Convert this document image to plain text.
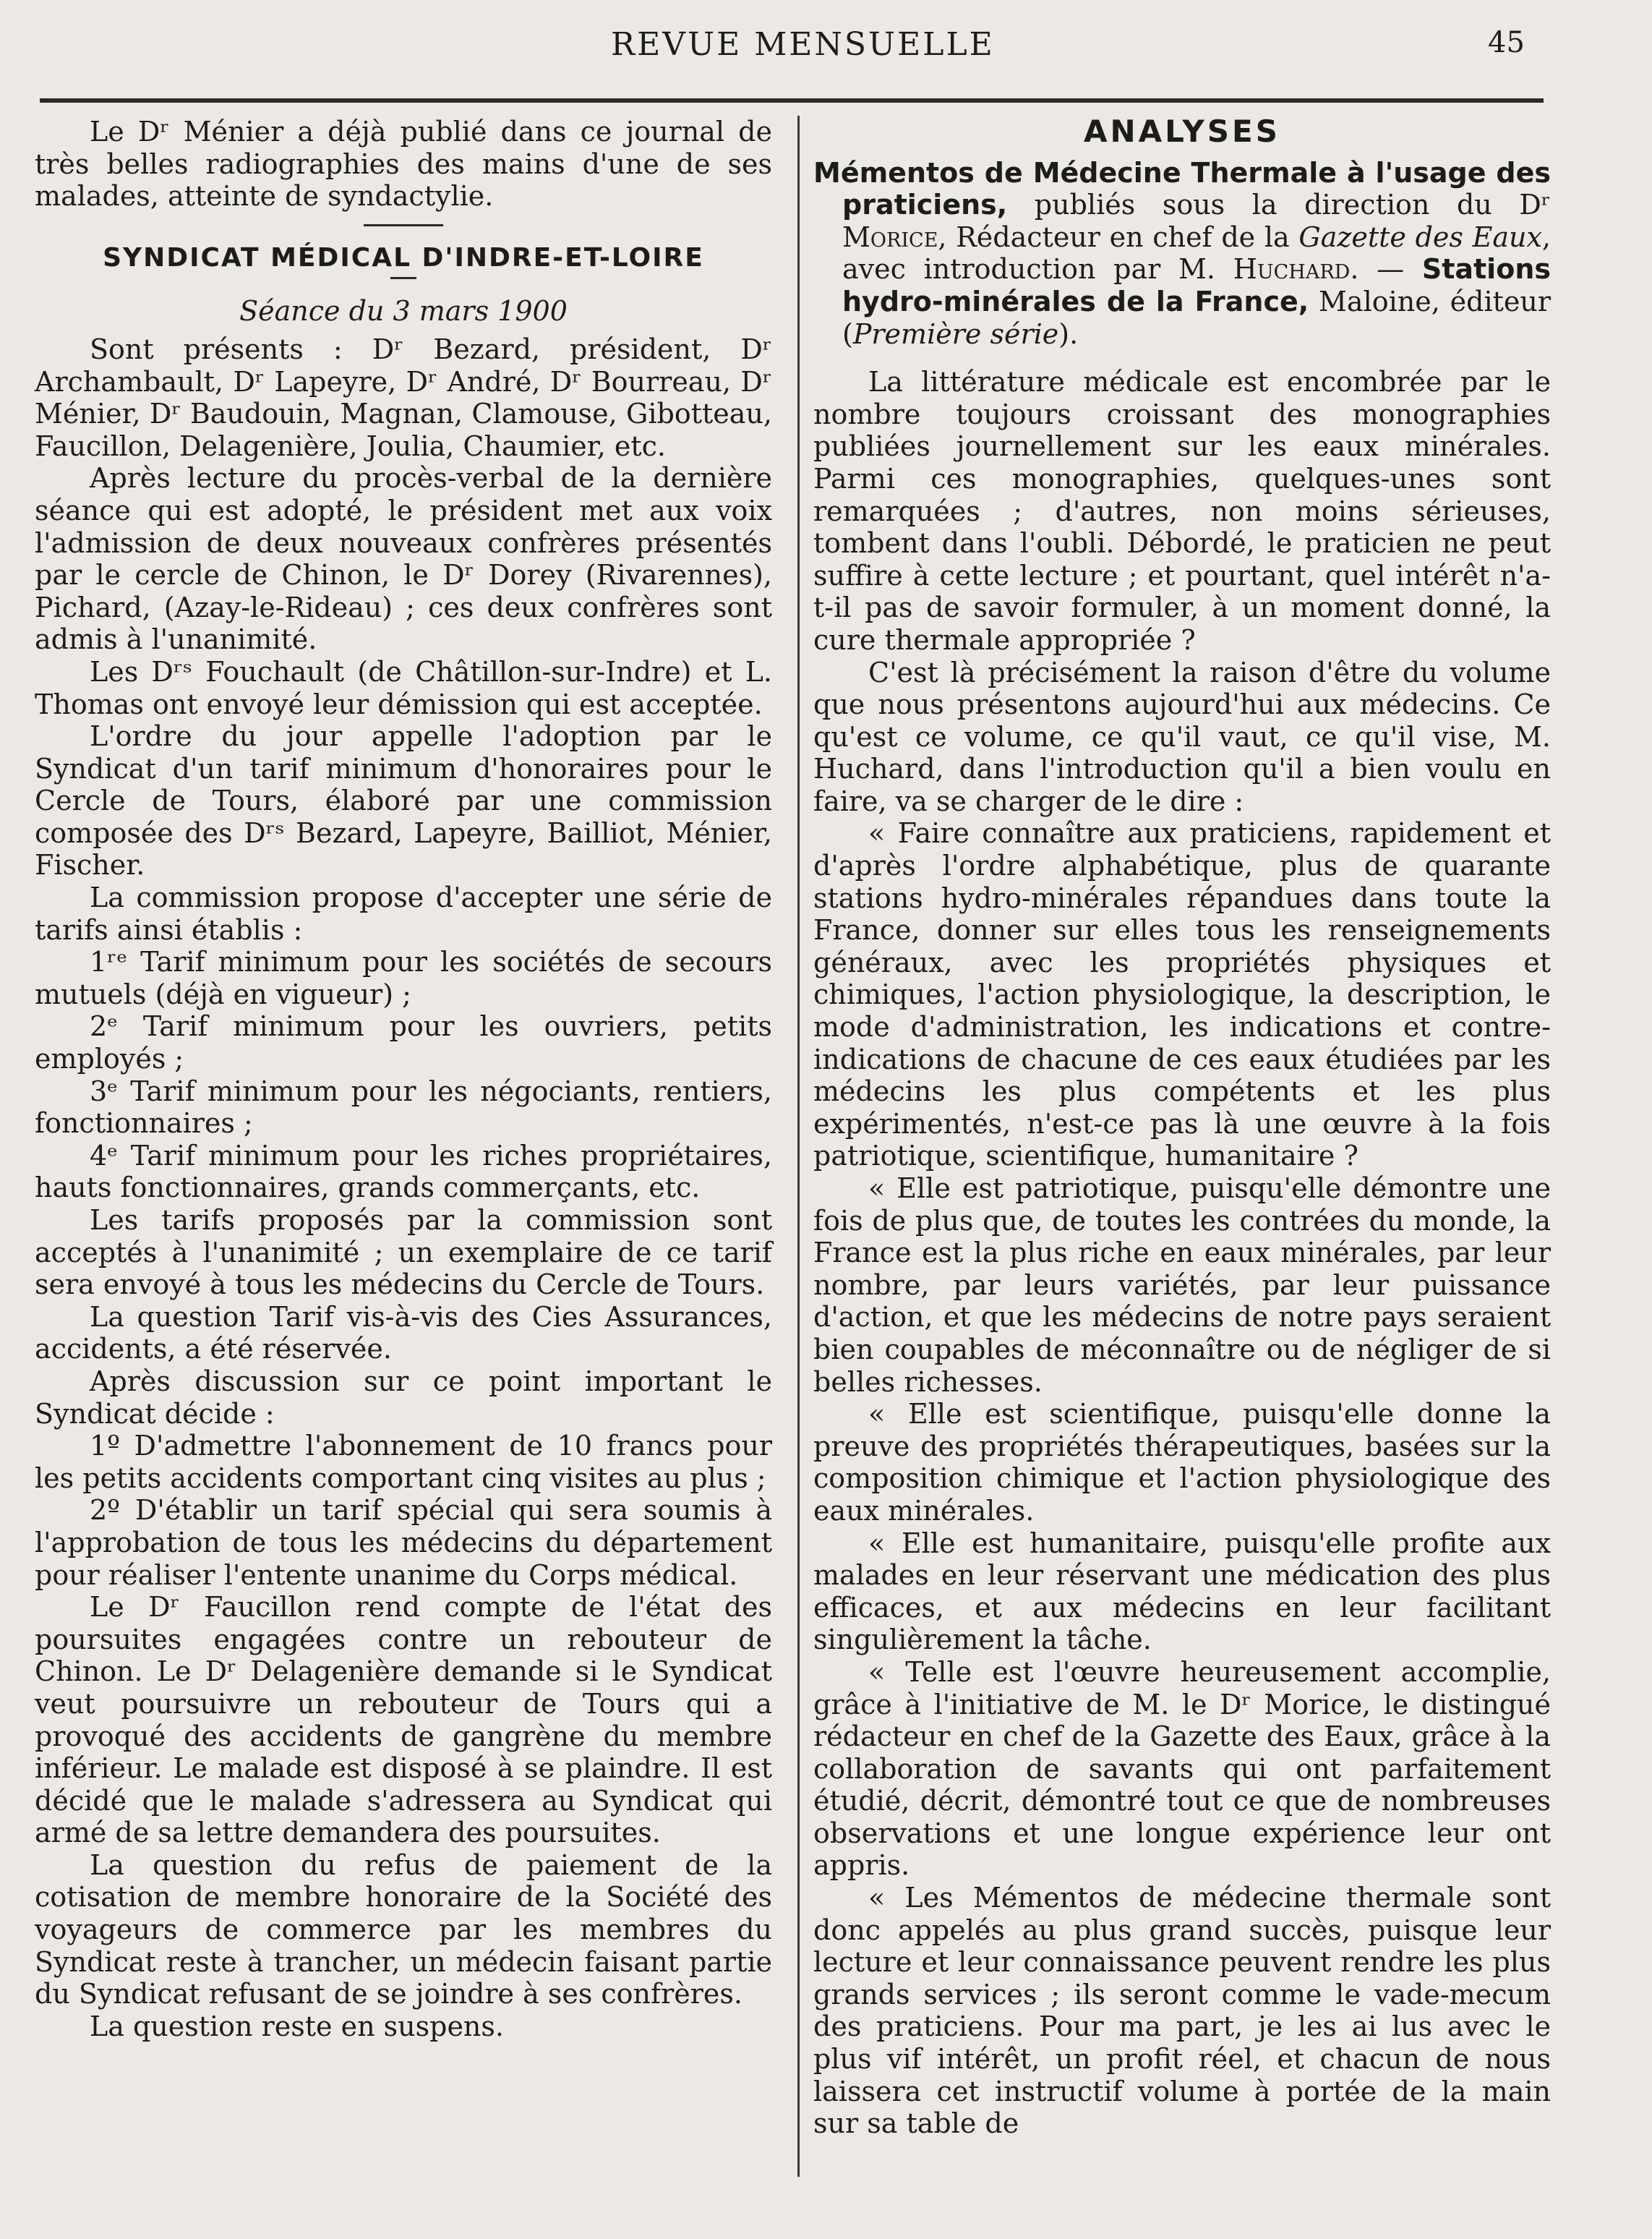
REVUE MENSUELLE	45

Le Dʳ Ménier a déjà publié dans ce journal de très belles radiographies des mains d'une de ses malades, atteinte de syndactylie.

SYNDICAT MÉDICAL D'INDRE-ET-LOIRE

Séance du 3 mars 1900

Sont présents : Dʳ Bezard, président, Dʳ Archambault, Dʳ Lapeyre, Dʳ André, Dʳ Bourreau, Dʳ Ménier, Dʳ Baudouin, Magnan, Clamouse, Gibotteau, Faucillon, Delagenière, Joulia, Chaumier, etc.

Après lecture du procès-verbal de la dernière séance qui est adopté, le président met aux voix l'admission de deux nouveaux confrères présentés par le cercle de Chinon, le Dʳ Dorey (Rivarennes), Pichard, (Azay-le-Rideau) ; ces deux confrères sont admis à l'unanimité.

Les Dʳˢ Fouchault (de Châtillon-sur-Indre) et L. Thomas ont envoyé leur démission qui est acceptée.

L'ordre du jour appelle l'adoption par le Syndicat d'un tarif minimum d'honoraires pour le Cercle de Tours, élaboré par une commission composée des Dʳˢ Bezard, Lapeyre, Bailliot, Ménier, Fischer.

La commission propose d'accepter une série de tarifs ainsi établis :

1ʳᵉ Tarif minimum pour les sociétés de secours mutuels (déjà en vigueur) ;

2ᵉ Tarif minimum pour les ouvriers, petits employés ;

3ᵉ Tarif minimum pour les négociants, rentiers, fonctionnaires ;

4ᵉ Tarif minimum pour les riches propriétaires, hauts fonctionnaires, grands commerçants, etc.

Les tarifs proposés par la commission sont acceptés à l'unanimité ; un exemplaire de ce tarif sera envoyé à tous les médecins du Cercle de Tours.

La question Tarif vis-à-vis des Cies Assurances, accidents, a été réservée.

Après discussion sur ce point important le Syndicat décide :

1º D'admettre l'abonnement de 10 francs pour les petits accidents comportant cinq visites au plus ;

2º D'établir un tarif spécial qui sera soumis à l'approbation de tous les médecins du département pour réaliser l'entente unanime du Corps médical.

Le Dʳ Faucillon rend compte de l'état des poursuites engagées contre un rebouteur de Chinon. Le Dʳ Delagenière demande si le Syndicat veut poursuivre un rebouteur de Tours qui a provoqué des accidents de gangrène du membre inférieur. Le malade est disposé à se plaindre. Il est décidé que le malade s'adressera au Syndicat qui armé de sa lettre demandera des poursuites.

La question du refus de paiement de la cotisation de membre honoraire de la Société des voyageurs de commerce par les membres du Syndicat reste à trancher, un médecin faisant partie du Syndicat refusant de se joindre à ses confrères.

La question reste en suspens.

ANALYSES

Mémentos de Médecine Thermale à l'usage des praticiens, publiés sous la direction du Dʳ Morice, Rédacteur en chef de la Gazette des Eaux, avec introduction par M. Huchard. — Stations hydro-minérales de la France, Maloine, éditeur (Première série).

La littérature médicale est encombrée par le nombre toujours croissant des monographies publiées journellement sur les eaux minérales. Parmi ces monographies, quelques-unes sont remarquées ; d'autres, non moins sérieuses, tombent dans l'oubli. Débordé, le praticien ne peut suffire à cette lecture ; et pourtant, quel intérêt n'a-t-il pas de savoir formuler, à un moment donné, la cure thermale appropriée ?

C'est là précisément la raison d'être du volume que nous présentons aujourd'hui aux médecins. Ce qu'est ce volume, ce qu'il vaut, ce qu'il vise, M. Huchard, dans l'introduction qu'il a bien voulu en faire, va se charger de le dire :

« Faire connaître aux praticiens, rapidement et d'après l'ordre alphabétique, plus de quarante stations hydro-minérales répandues dans toute la France, donner sur elles tous les renseignements généraux, avec les propriétés physiques et chimiques, l'action physiologique, la description, le mode d'administration, les indications et contre-indications de chacune de ces eaux étudiées par les médecins les plus compétents et les plus expérimentés, n'est-ce pas là une œuvre à la fois patriotique, scientifique, humanitaire ?

« Elle est patriotique, puisqu'elle démontre une fois de plus que, de toutes les contrées du monde, la France est la plus riche en eaux minérales, par leur nombre, par leurs variétés, par leur puissance d'action, et que les médecins de notre pays seraient bien coupables de méconnaître ou de négliger de si belles richesses.

« Elle est scientifique, puisqu'elle donne la preuve des propriétés thérapeutiques, basées sur la composition chimique et l'action physiologique des eaux minérales.

« Elle est humanitaire, puisqu'elle profite aux malades en leur réservant une médication des plus efficaces, et aux médecins en leur facilitant singulièrement la tâche.

« Telle est l'œuvre heureusement accomplie, grâce à l'initiative de M. le Dʳ Morice, le distingué rédacteur en chef de la Gazette des Eaux, grâce à la collaboration de savants qui ont parfaitement étudié, décrit, démontré tout ce que de nombreuses observations et une longue expérience leur ont appris.

« Les Mémentos de médecine thermale sont donc appelés au plus grand succès, puisque leur lecture et leur connaissance peuvent rendre les plus grands services ; ils seront comme le vade-mecum des praticiens. Pour ma part, je les ai lus avec le plus vif intérêt, un profit réel, et chacun de nous laissera cet instructif volume à portée de la main sur sa table de
